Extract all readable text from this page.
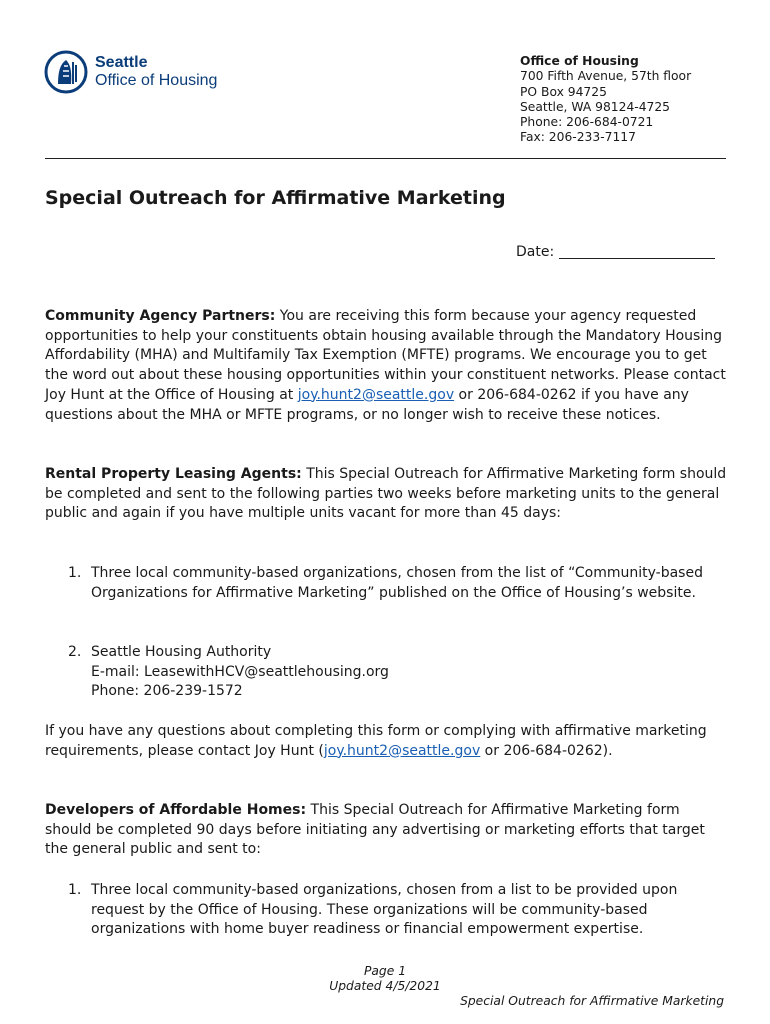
Seattle
Office of Housing
Office of Housing
700 Fifth Avenue, 57th floor
PO Box 94725
Seattle, WA 98124-4725
Phone: 206-684-0721
Fax: 206-233-7117
Special Outreach for Affirmative Marketing
Date:

Community Agency Partners: You are receiving this form because your agency requested opportunities to help your constituents obtain housing available through the Mandatory Housing Affordability (MHA) and Multifamily Tax Exemption (MFTE) programs. We encourage you to get the word out about these housing opportunities within your constituent networks. Please contact Joy Hunt at the Office of Housing at joy.hunt2@seattle.gov or 206-684-0262 if you have any questions about the MHA or MFTE programs, or no longer wish to receive these notices.

Rental Property Leasing Agents: This Special Outreach for Affirmative Marketing form should be completed and sent to the following parties two weeks before marketing units to the general public and again if you have multiple units vacant for more than 45 days:

1. Three local community-based organizations, chosen from the list of “Community-based Organizations for Affirmative Marketing” published on the Office of Housing’s website.
2. Seattle Housing Authority
E-mail: LeasewithHCV@seattlehousing.org
Phone: 206-239-1572

If you have any questions about completing this form or complying with affirmative marketing requirements, please contact Joy Hunt (joy.hunt2@seattle.gov or 206-684-0262).

Developers of Affordable Homes: This Special Outreach for Affirmative Marketing form should be completed 90 days before initiating any advertising or marketing efforts that target the general public and sent to:

1. Three local community-based organizations, chosen from a list to be provided upon request by the Office of Housing. These organizations will be community-based organizations with home buyer readiness or financial empowerment expertise.
Page 1
Updated 4/5/2021
Special Outreach for Affirmative Marketing
